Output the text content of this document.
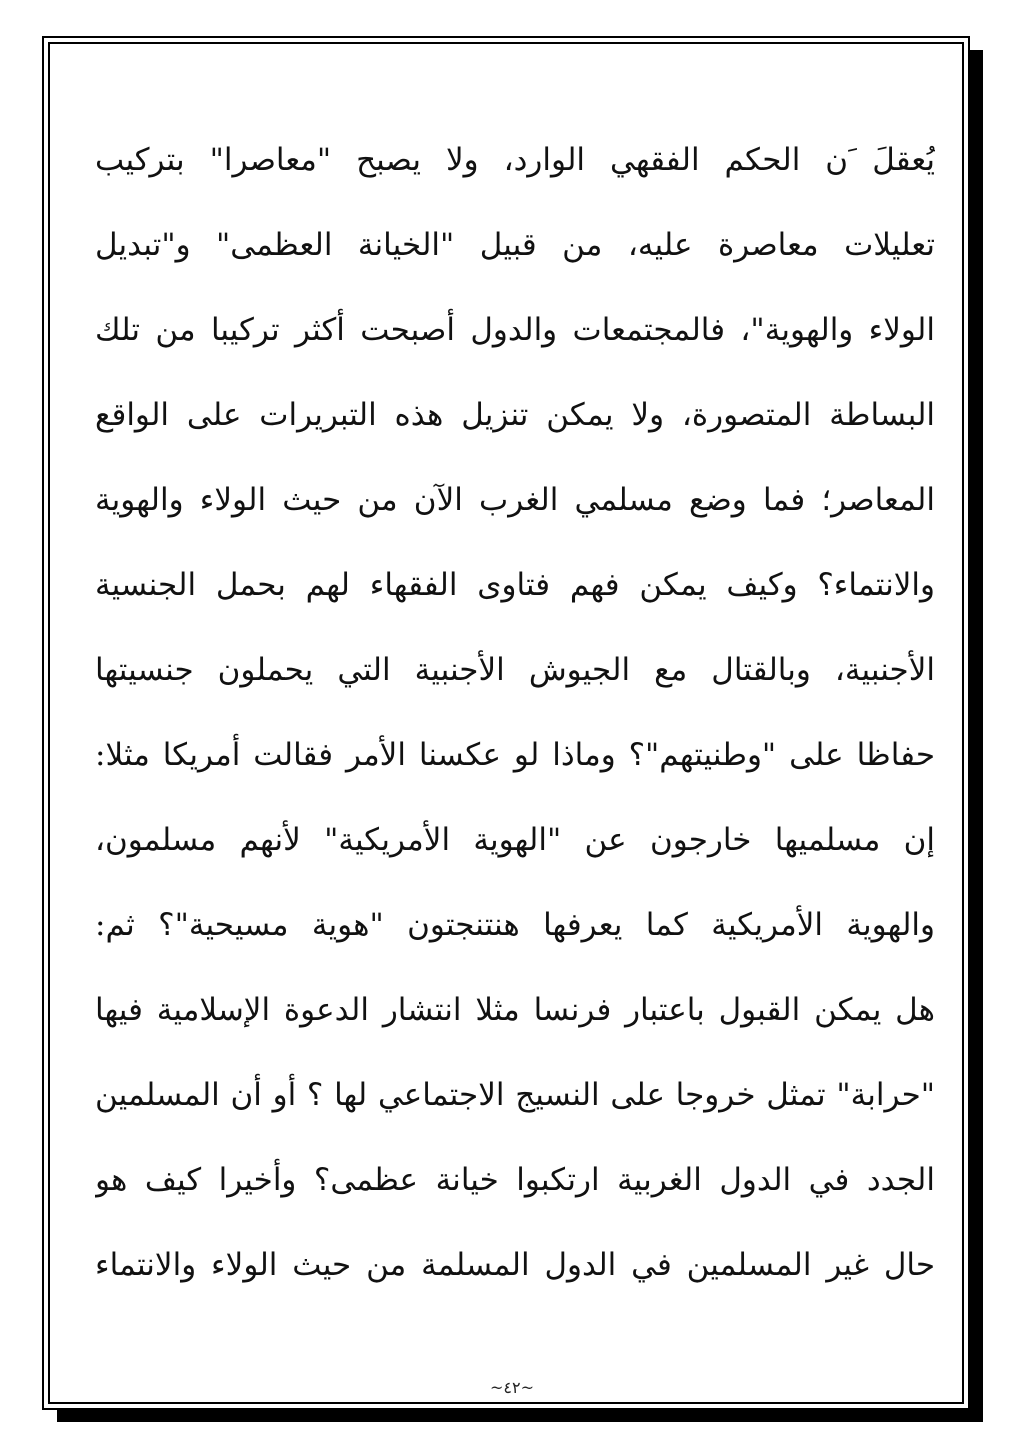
يُعقلَ َن الحكم الفقهي الوارد، ولا يصبح "معاصرا" بتركيب
تعليلات معاصرة عليه، من قبيل "الخيانة العظمى" و"تبديل
الولاء والهوية"، فالمجتمعات والدول أصبحت أكثر تركيبا من تلك
البساطة المتصورة، ولا يمكن تنزيل هذه التبريرات على الواقع
المعاصر؛ فما وضع مسلمي الغرب الآن من حيث الولاء والهوية
والانتماء؟ وكيف يمكن فهم فتاوى الفقهاء لهم بحمل الجنسية
الأجنبية، وبالقتال مع الجيوش الأجنبية التي يحملون جنسيتها
حفاظا على "وطنيتهم"؟ وماذا لو عكسنا الأمر فقالت أمريكا مثلا:
إن مسلميها خارجون عن "الهوية الأمريكية" لأنهم مسلمون،
والهوية الأمريكية كما يعرفها هنتنجتون "هوية مسيحية"؟ ثم:
هل يمكن القبول باعتبار فرنسا مثلا انتشار الدعوة الإسلامية فيها
"حرابة" تمثل خروجا على النسيج الاجتماعي لها ؟ أو أن المسلمين
الجدد في الدول الغربية ارتكبوا خيانة عظمى؟ وأخيرا كيف هو
حال غير المسلمين في الدول المسلمة من حيث الولاء والانتماء
~٤٢~
